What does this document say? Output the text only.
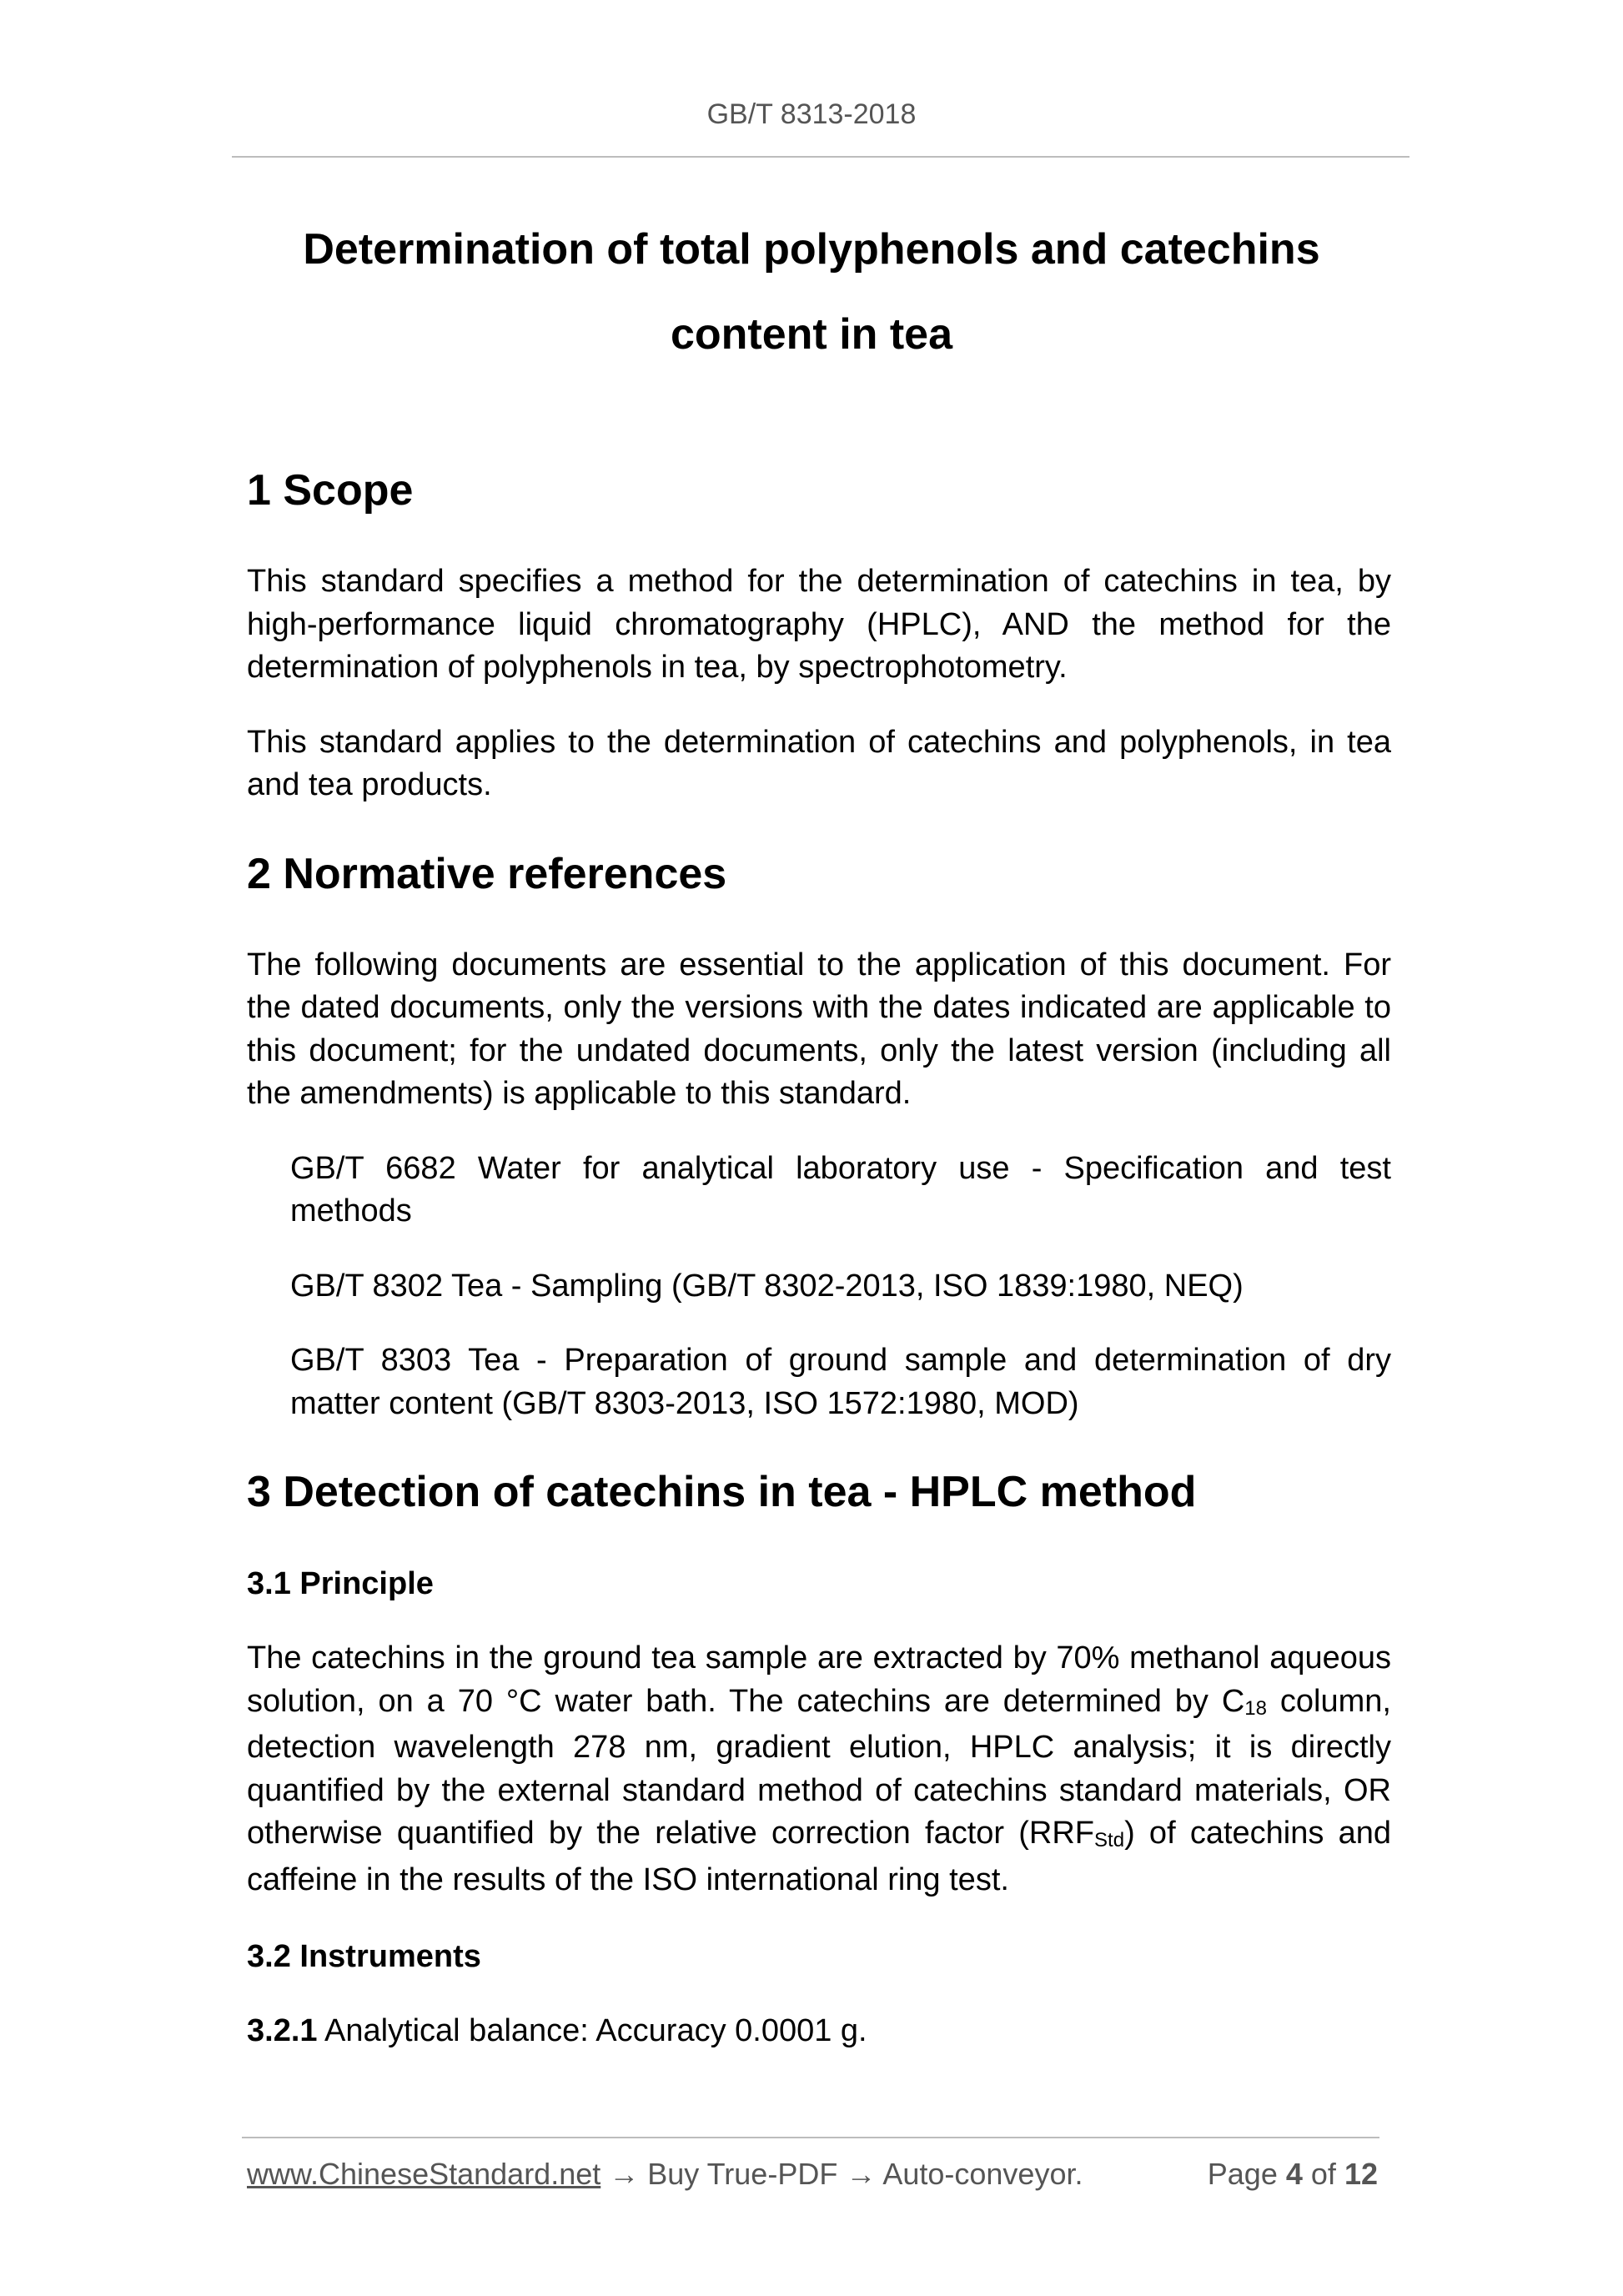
GB/T 8313-2018
Determination of total polyphenols and catechins
content in tea
1 Scope

This standard specifies a method for the determination of catechins in tea, by high-performance liquid chromatography (HPLC), AND the method for the determination of polyphenols in tea, by spectrophotometry.

This standard applies to the determination of catechins and polyphenols, in tea and tea products.

2 Normative references

The following documents are essential to the application of this document. For the dated documents, only the versions with the dates indicated are applicable to this document; for the undated documents, only the latest version (including all the amendments) is applicable to this standard.

GB/T 6682 Water for analytical laboratory use - Specification and test methods

GB/T 8302 Tea - Sampling (GB/T 8302-2013, ISO 1839:1980, NEQ)

GB/T 8303 Tea - Preparation of ground sample and determination of dry matter content (GB/T 8303-2013, ISO 1572:1980, MOD)

3 Detection of catechins in tea - HPLC method
3.1 Principle

The catechins in the ground tea sample are extracted by 70% methanol aqueous solution, on a 70 °C water bath. The catechins are determined by $C_{18}$ column, detection wavelength 278 nm, gradient elution, HPLC analysis; it is directly quantified by the external standard method of catechins standard materials, OR otherwise quantified by the relative correction factor $(RRF_{Std})$ of catechins and caffeine in the results of the ISO international ring test.

3.2 Instruments

3.2.1 Analytical balance: Accuracy 0.0001 g.

www.ChineseStandard.net → Buy True-PDF → Auto-conveyor.	Page 4 of 12
